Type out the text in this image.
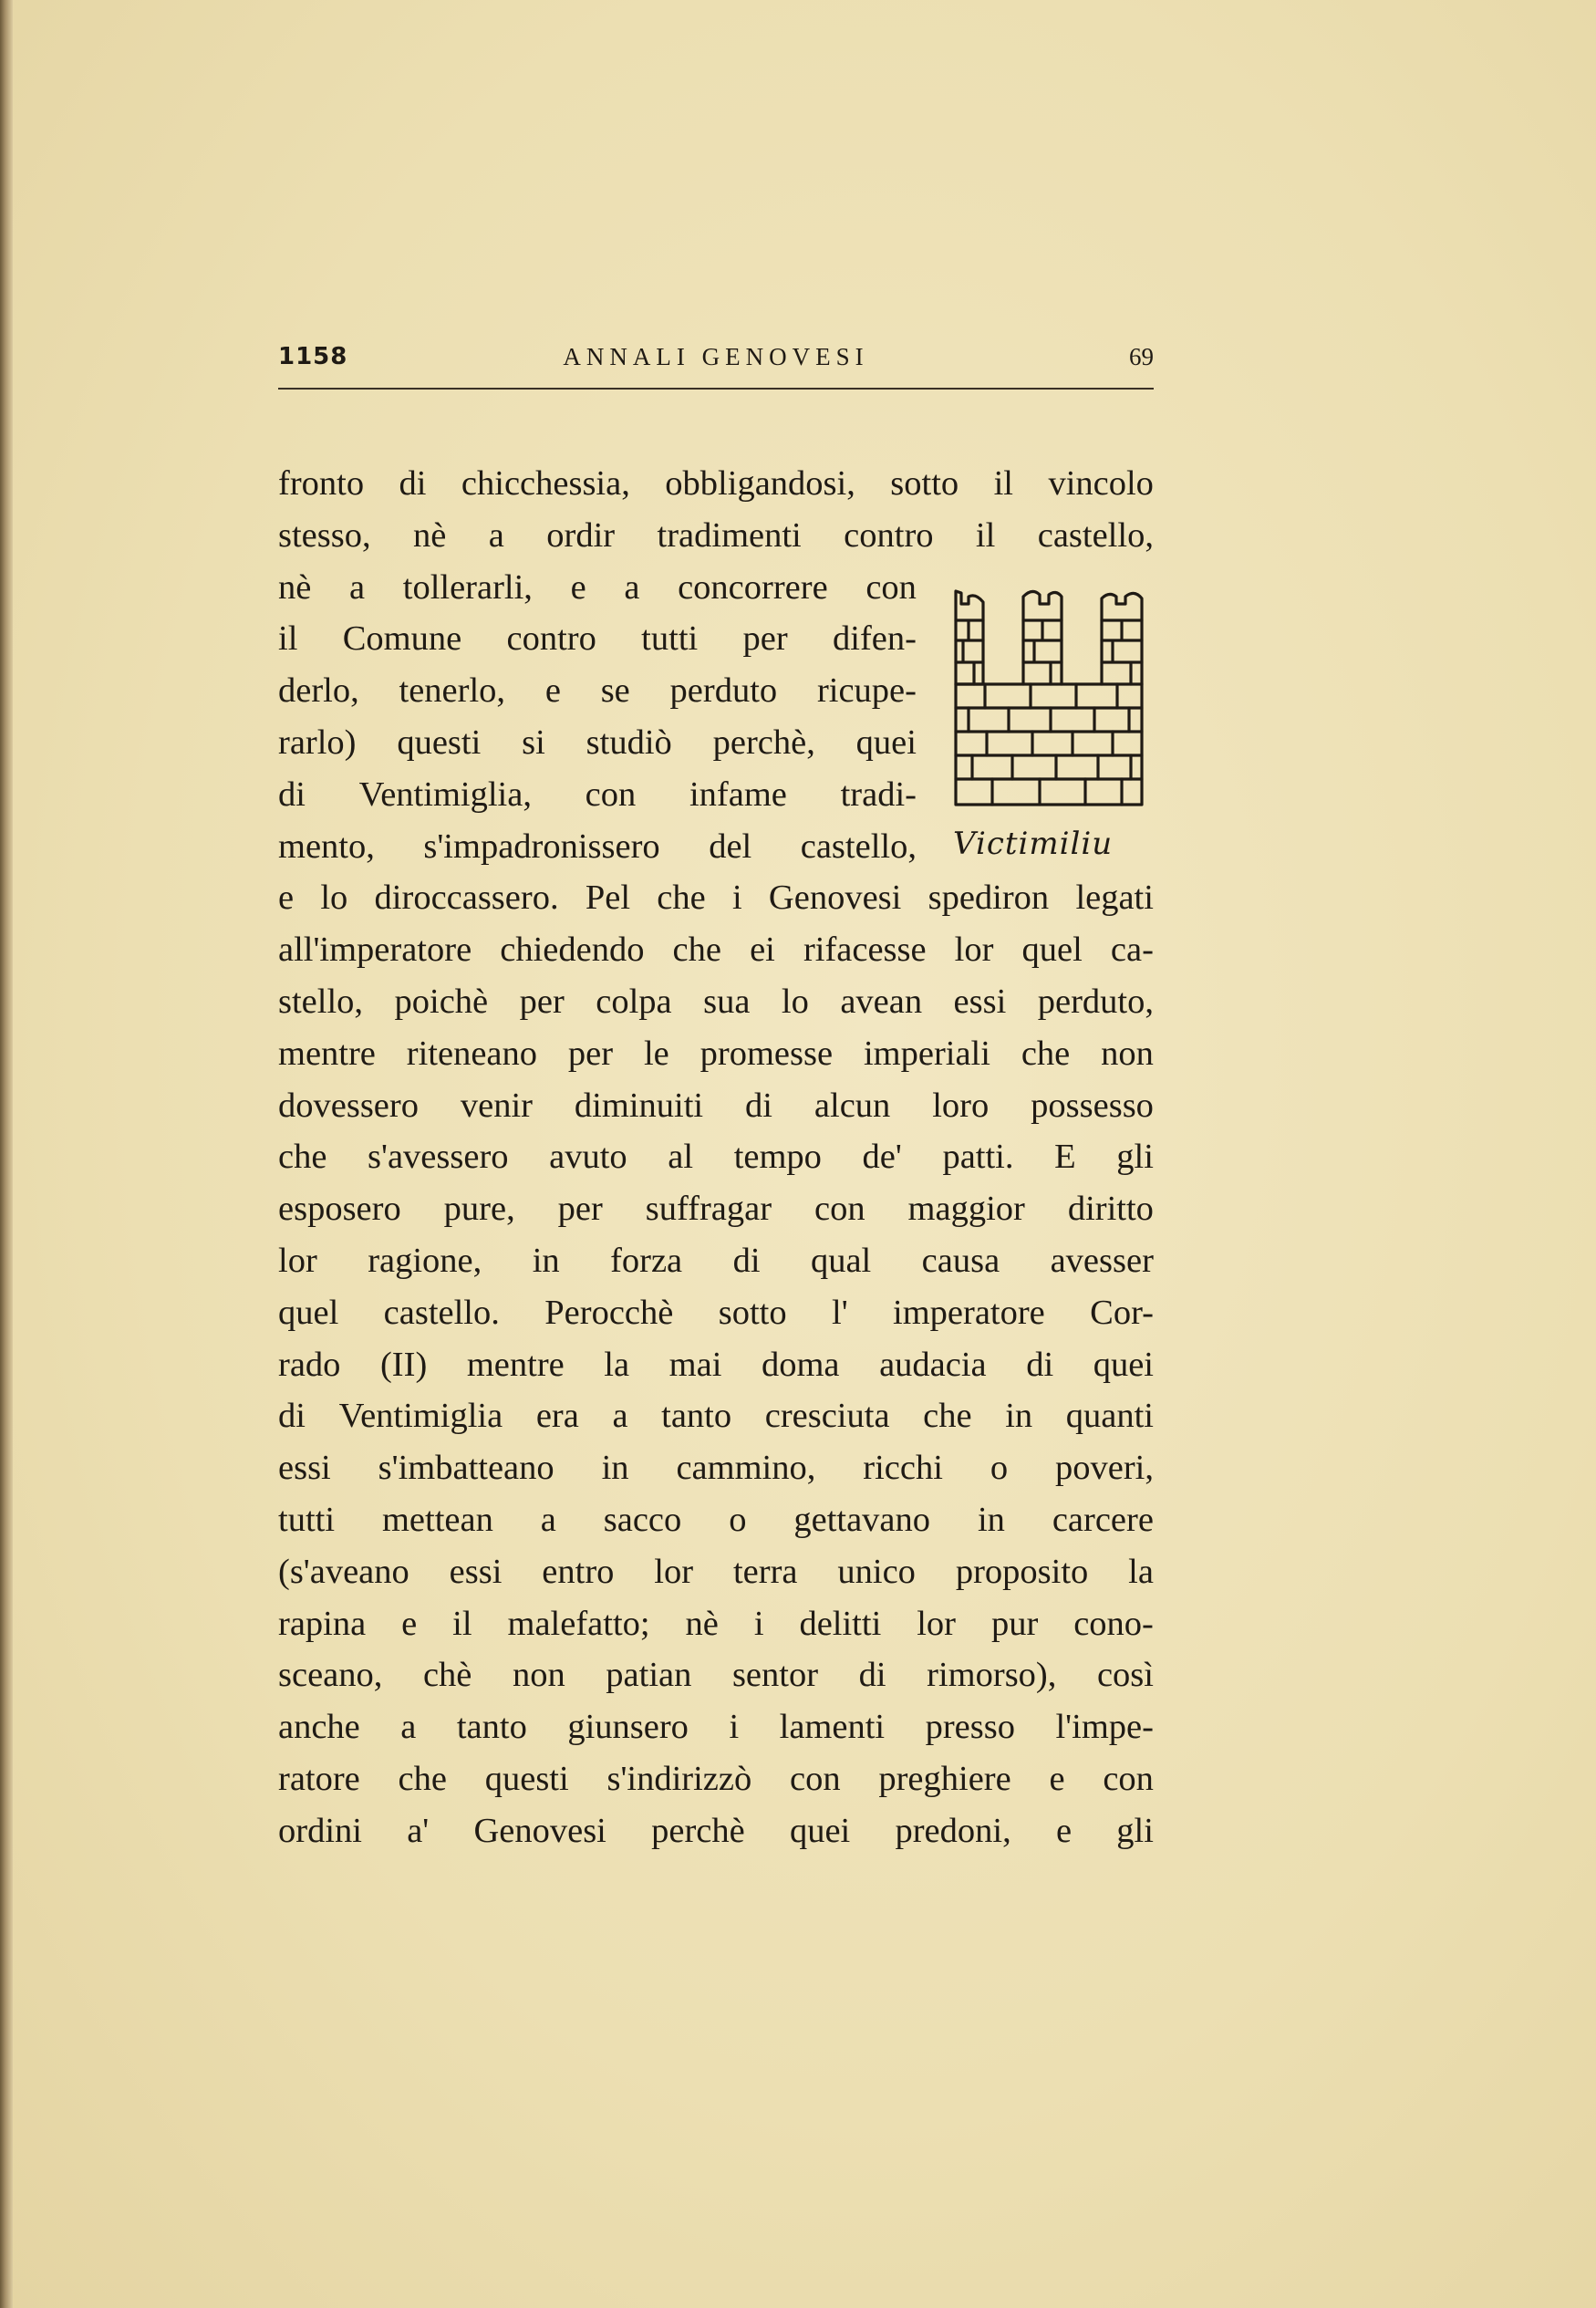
1158	ANNALI GENOVESI	69
fronto di chicchessia, obbligandosi, sotto il vincolo
stesso, nè a ordir tradimenti contro il castello,
nè a tollerarli, e a concorrere con
il Comune contro tutti per difen-
derlo, tenerlo, e se perduto ricupe-
rarlo) questi si studiò perchè, quei
di Ventimiglia, con infame tradi-
mento, s'impadronissero del castello,
e lo diroccassero. Pel che i Genovesi spediron legati
all'imperatore chiedendo che ei rifacesse lor quel ca-
stello, poichè per colpa sua lo avean essi perduto,
mentre riteneano per le promesse imperiali che non
dovessero venir diminuiti di alcun loro possesso
che s'avessero avuto al tempo de' patti. E gli
esposero pure, per suffragar con maggior diritto
lor ragione, in forza di qual causa avesser
quel castello. Perocchè sotto l' imperatore Cor-
rado (II) mentre la mai doma audacia di quei
di Ventimiglia era a tanto cresciuta che in quanti
essi s'imbatteano in cammino, ricchi o poveri,
tutti mettean a sacco o gettavano in carcere
(s'aveano essi entro lor terra unico proposito la
rapina e il malefatto; nè i delitti lor pur cono-
sceano, chè non patian sentor di rimorso), così
anche a tanto giunsero i lamenti presso l'impe-
ratore che questi s'indirizzò con preghiere e con
ordini a' Genovesi perchè quei predoni, e gli
Victimiliu
